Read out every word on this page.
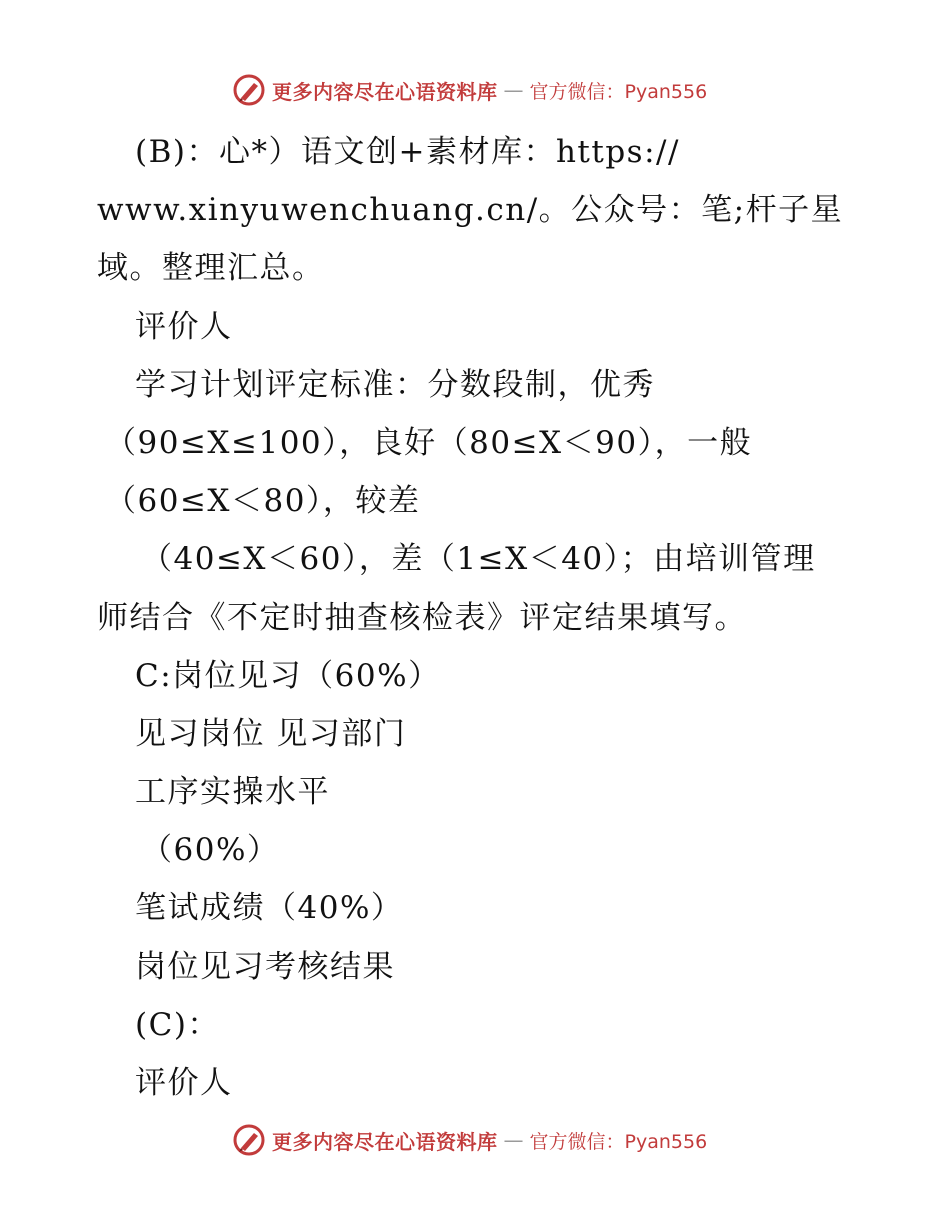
更多内容尽在心语资料库 — 官方微信：Pyan556
(B)：心*）语文创+素材库：https://
www.xinyuwenchuang.cn/。公众号：笔;杆子星
域。整理汇总。
评价人
学习计划评定标准：分数段制，优秀
（90≤X≤100），良好（80≤X＜90），一般
（60≤X＜80），较差
（40≤X＜60），差（1≤X＜40）；由培训管理
师结合《不定时抽查核检表》评定结果填写。
C:岗位见习（60%）
见习岗位 见习部门
工序实操水平
（60%）
笔试成绩（40%）
岗位见习考核结果
(C)：
评价人
更多内容尽在心语资料库 — 官方微信：Pyan556
